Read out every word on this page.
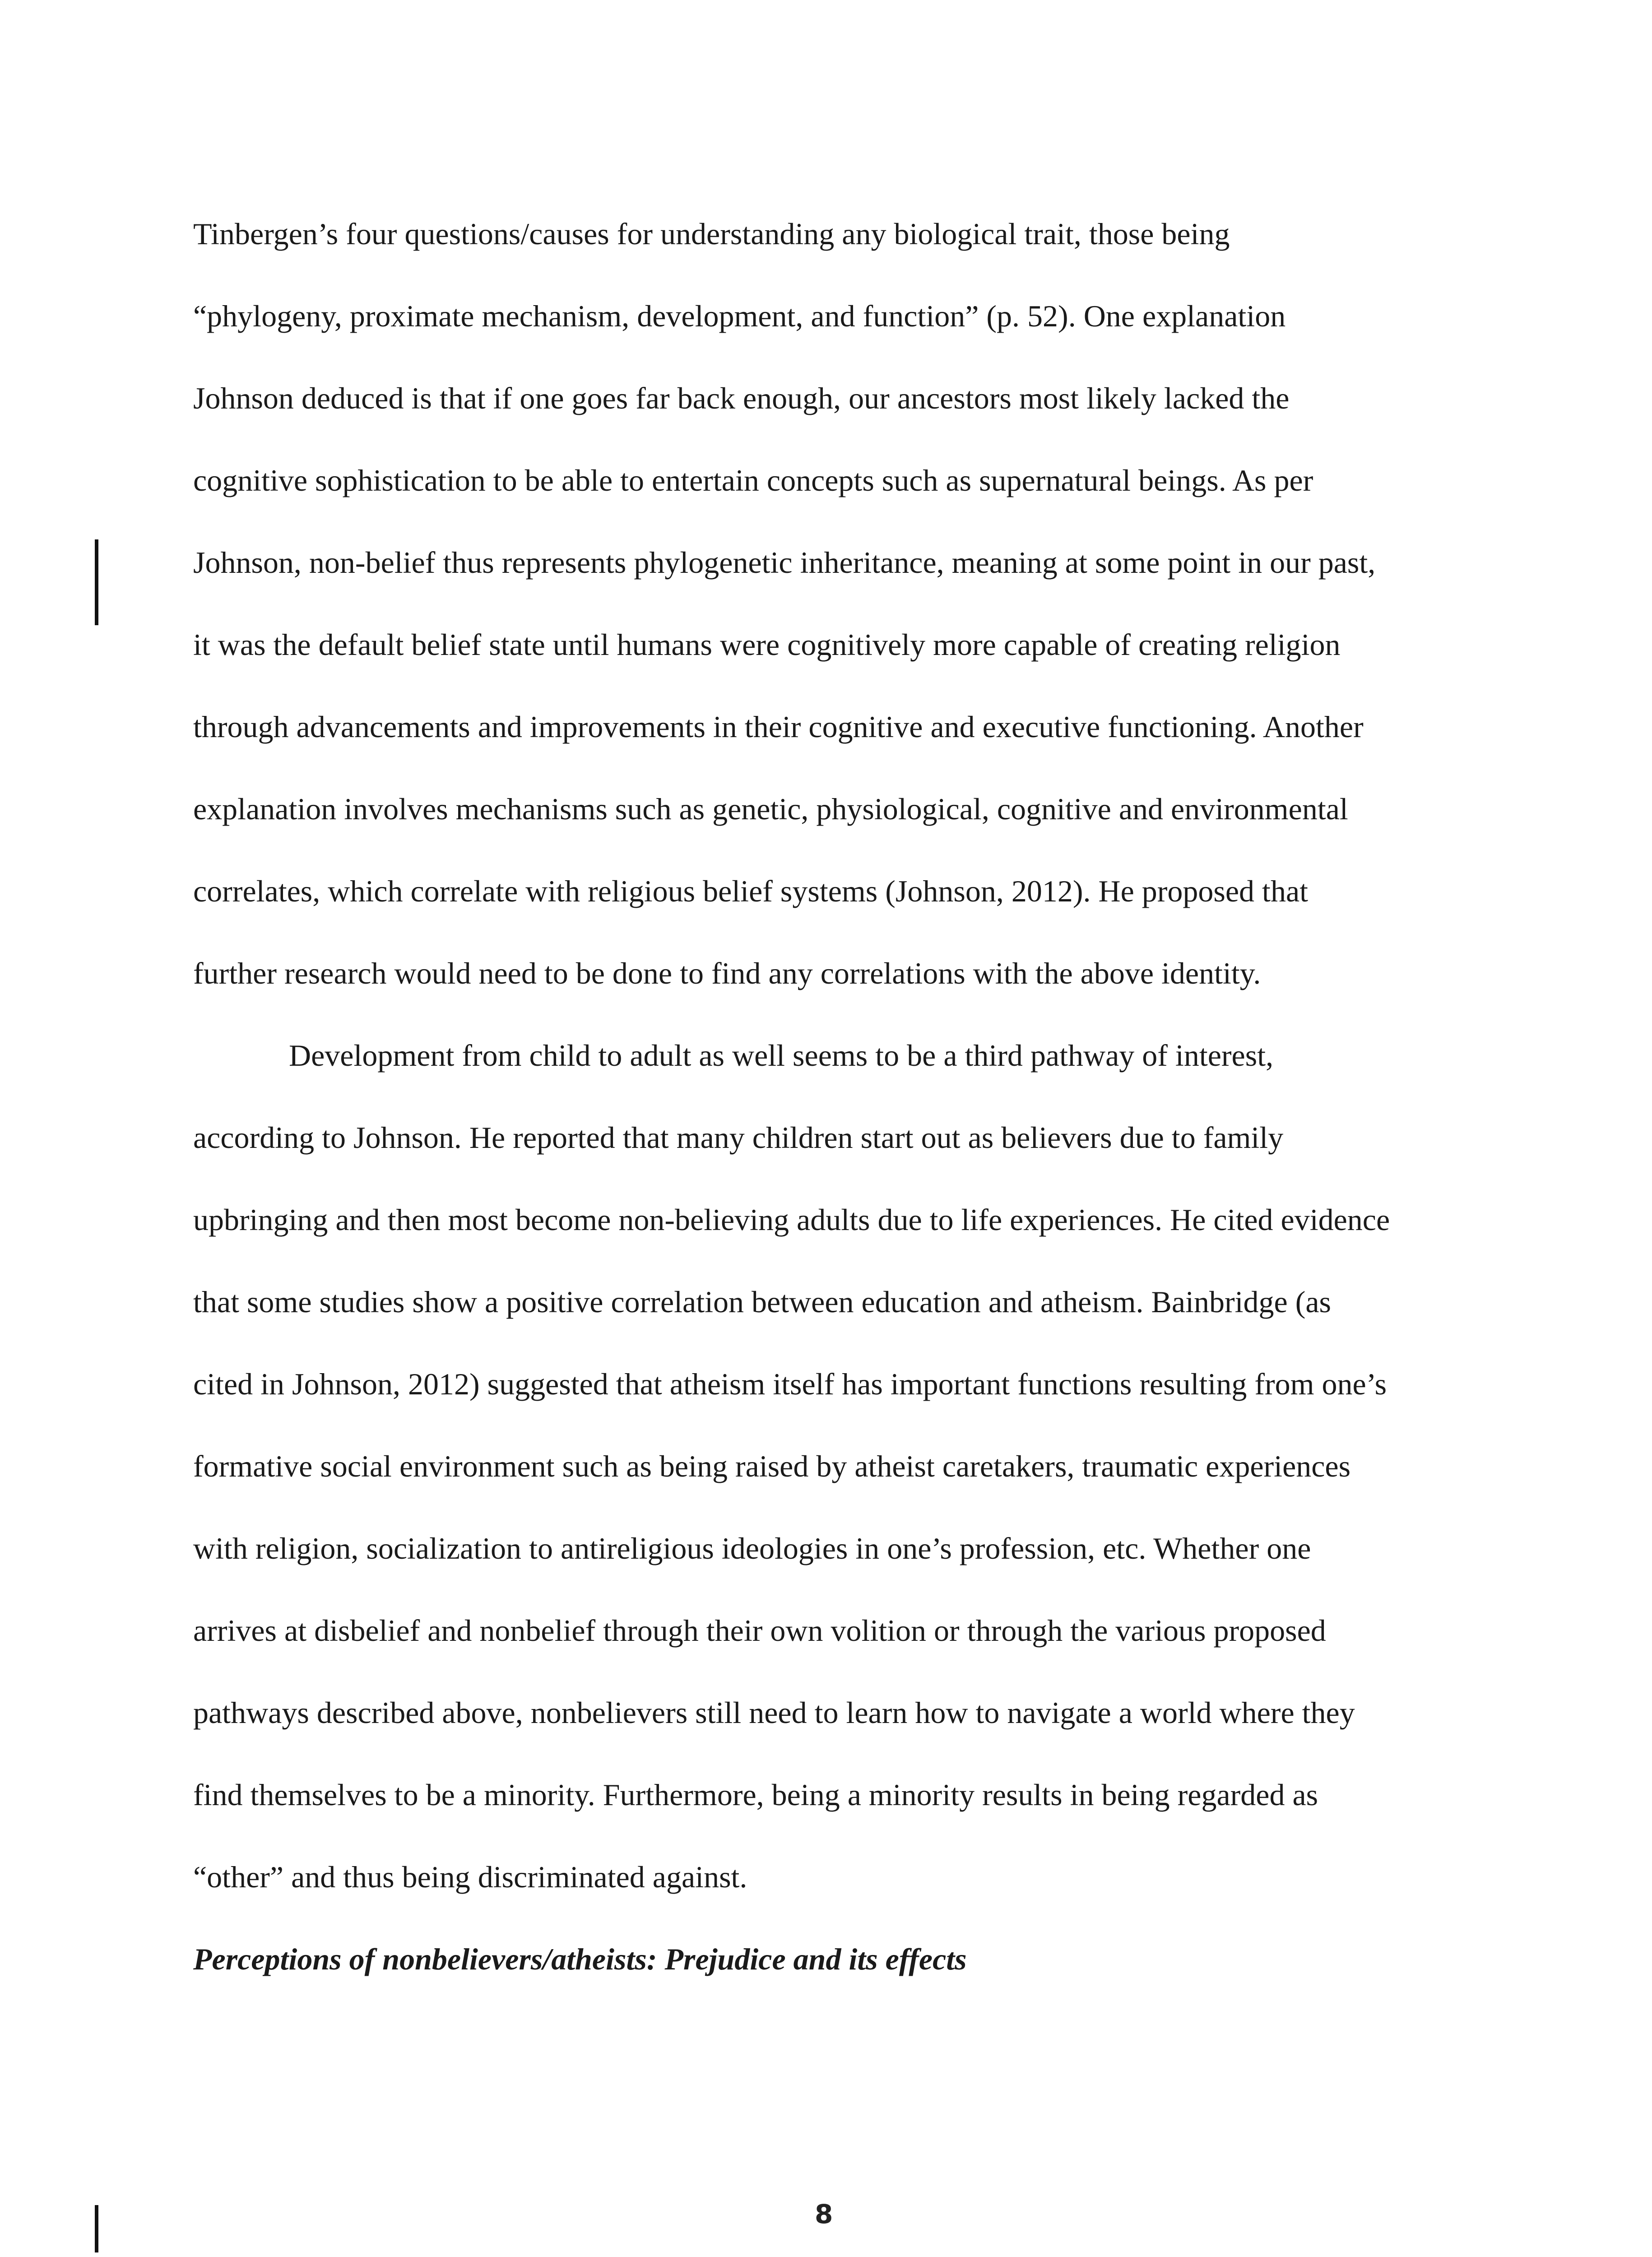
Tinbergen’s four questions/causes for understanding any biological trait, those being
“phylogeny, proximate mechanism, development, and function” (p. 52). One explanation
Johnson deduced is that if one goes far back enough, our ancestors most likely lacked the
cognitive sophistication to be able to entertain concepts such as supernatural beings. As per
Johnson, non-belief thus represents phylogenetic inheritance, meaning at some point in our past,
it was the default belief state until humans were cognitively more capable of creating religion
through advancements and improvements in their cognitive and executive functioning. Another
explanation involves mechanisms such as genetic, physiological, cognitive and environmental
correlates, which correlate with religious belief systems (Johnson, 2012). He proposed that
further research would need to be done to find any correlations with the above identity.
Development from child to adult as well seems to be a third pathway of interest,
according to Johnson. He reported that many children start out as believers due to family
upbringing and then most become non-believing adults due to life experiences. He cited evidence
that some studies show a positive correlation between education and atheism. Bainbridge (as
cited in Johnson, 2012) suggested that atheism itself has important functions resulting from one’s
formative social environment such as being raised by atheist caretakers, traumatic experiences
with religion, socialization to antireligious ideologies in one’s profession, etc. Whether one
arrives at disbelief and nonbelief through their own volition or through the various proposed
pathways described above, nonbelievers still need to learn how to navigate a world where they
find themselves to be a minority. Furthermore, being a minority results in being regarded as
“other” and thus being discriminated against.
Perceptions of nonbelievers/atheists: Prejudice and its effects
8
